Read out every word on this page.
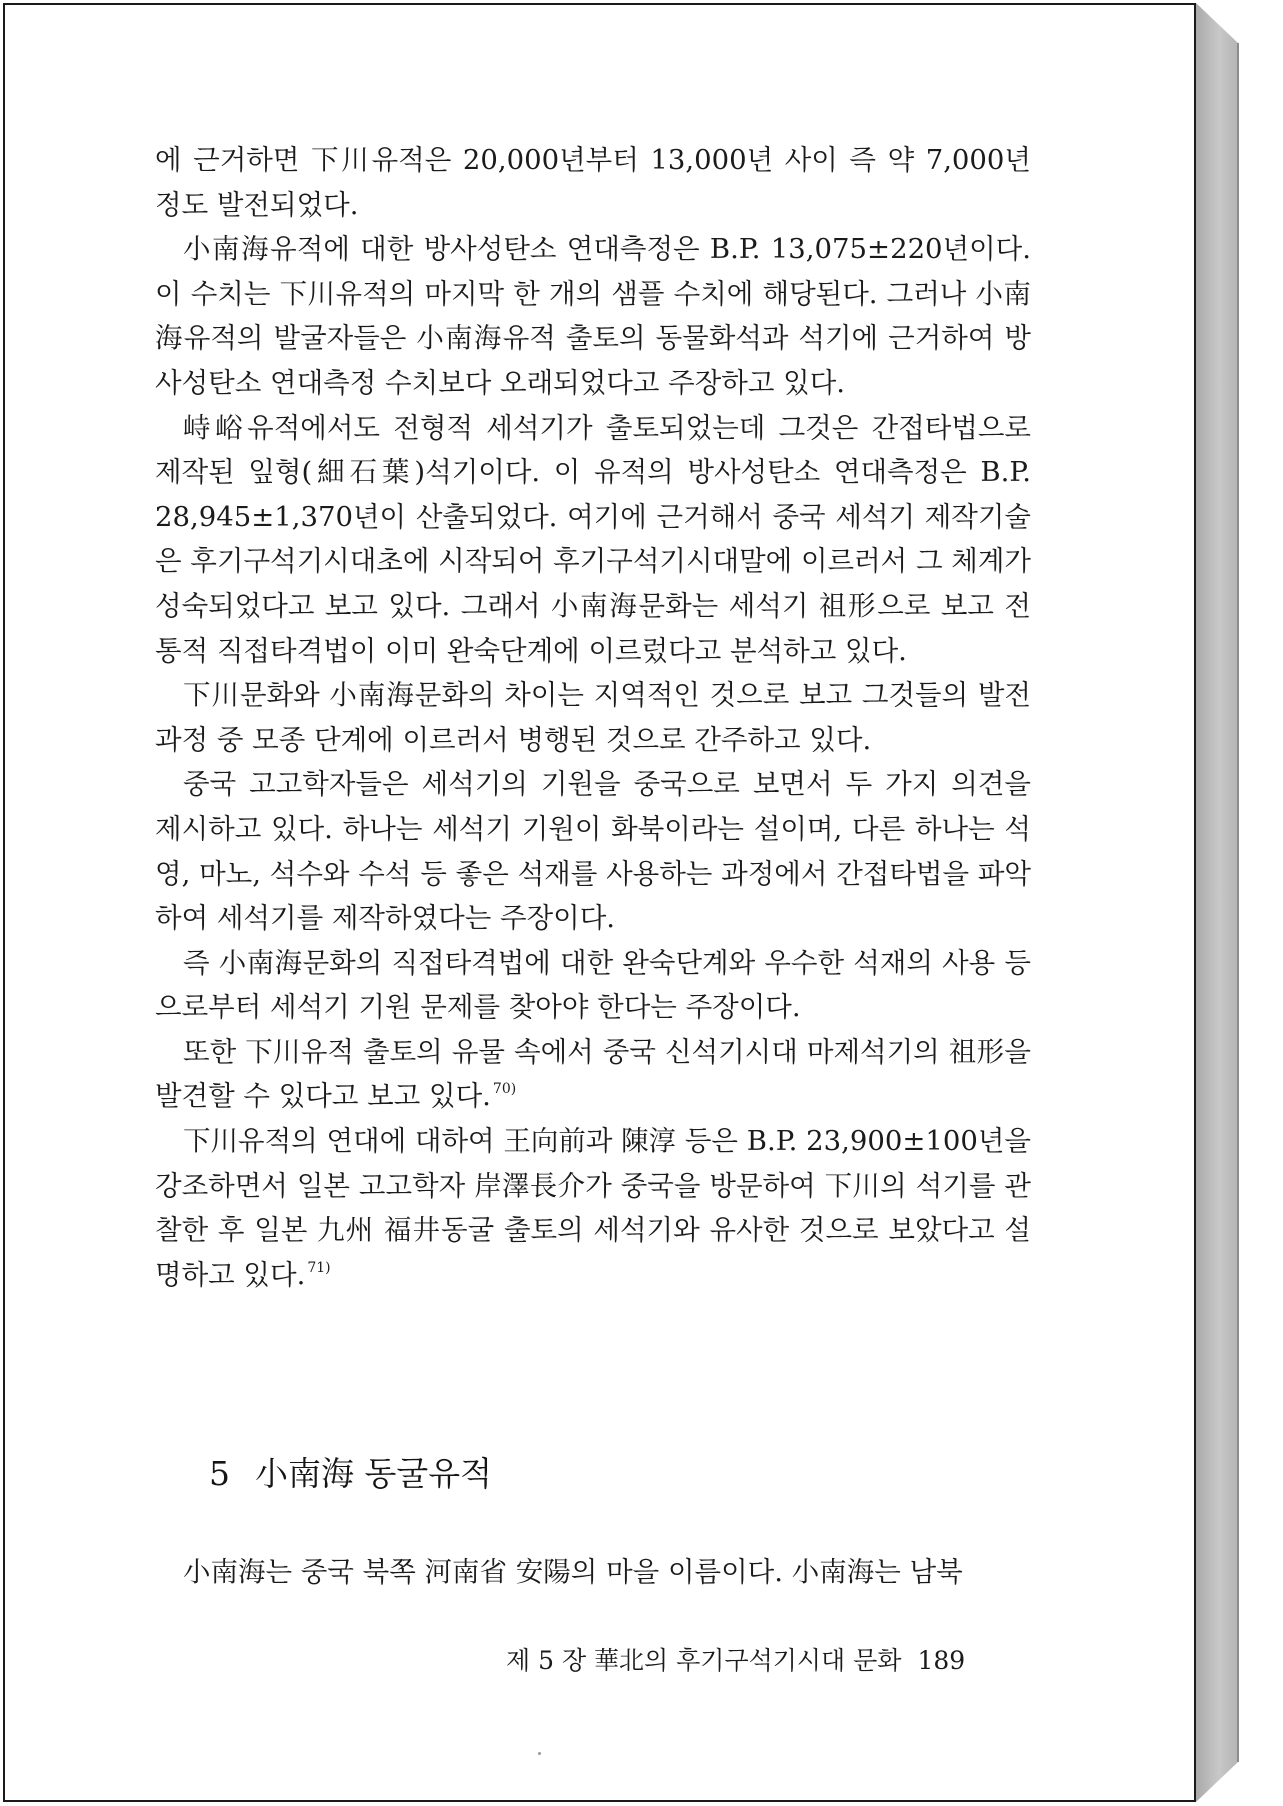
에 근거하면 下川유적은 20,000년부터 13,000년 사이 즉 약 7,000년 정도 발전되었다.

小南海유적에 대한 방사성탄소 연대측정은 B.P. 13,075±220년이다. 이 수치는 下川유적의 마지막 한 개의 샘플 수치에 해당된다. 그러나 小南海유적의 발굴자들은 小南海유적 출토의 동물화석과 석기에 근거하여 방사성탄소 연대측정 수치보다 오래되었다고 주장하고 있다.

峙峪유적에서도 전형적 세석기가 출토되었는데 그것은 간접타법으로 제작된 잎형(細石葉)석기이다. 이 유적의 방사성탄소 연대측정은 B.P. 28,945±1,370년이 산출되었다. 여기에 근거해서 중국 세석기 제작기술은 후기구석기시대초에 시작되어 후기구석기시대말에 이르러서 그 체계가 성숙되었다고 보고 있다. 그래서 小南海문화는 세석기 祖形으로 보고 전통적 직접타격법이 이미 완숙단계에 이르렀다고 분석하고 있다.

下川문화와 小南海문화의 차이는 지역적인 것으로 보고 그것들의 발전과정 중 모종 단계에 이르러서 병행된 것으로 간주하고 있다.

중국 고고학자들은 세석기의 기원을 중국으로 보면서 두 가지 의견을 제시하고 있다. 하나는 세석기 기원이 화북이라는 설이며, 다른 하나는 석영, 마노, 석수와 수석 등 좋은 석재를 사용하는 과정에서 간접타법을 파악하여 세석기를 제작하였다는 주장이다.

즉 小南海문화의 직접타격법에 대한 완숙단계와 우수한 석재의 사용 등으로부터 세석기 기원 문제를 찾아야 한다는 주장이다.

또한 下川유적 출토의 유물 속에서 중국 신석기시대 마제석기의 祖形을 발견할 수 있다고 보고 있다. $^{70)}$

下川유적의 연대에 대하여 王向前과 陳淳 등은 B.P. 23,900±100년을 강조하면서 일본 고고학자 岸澤長介가 중국을 방문하여 下川의 석기를 관찰한 후 일본 九州 福井동굴 출토의 세석기와 유사한 것으로 보았다고 설명하고 있다. $^{71)}$

5 小南海 동굴유적

小南海는 중국 북쪽 河南省 安陽의 마을 이름이다. 小南海는 남북

제 5 장 華北의 후기구석기시대 문화 189
